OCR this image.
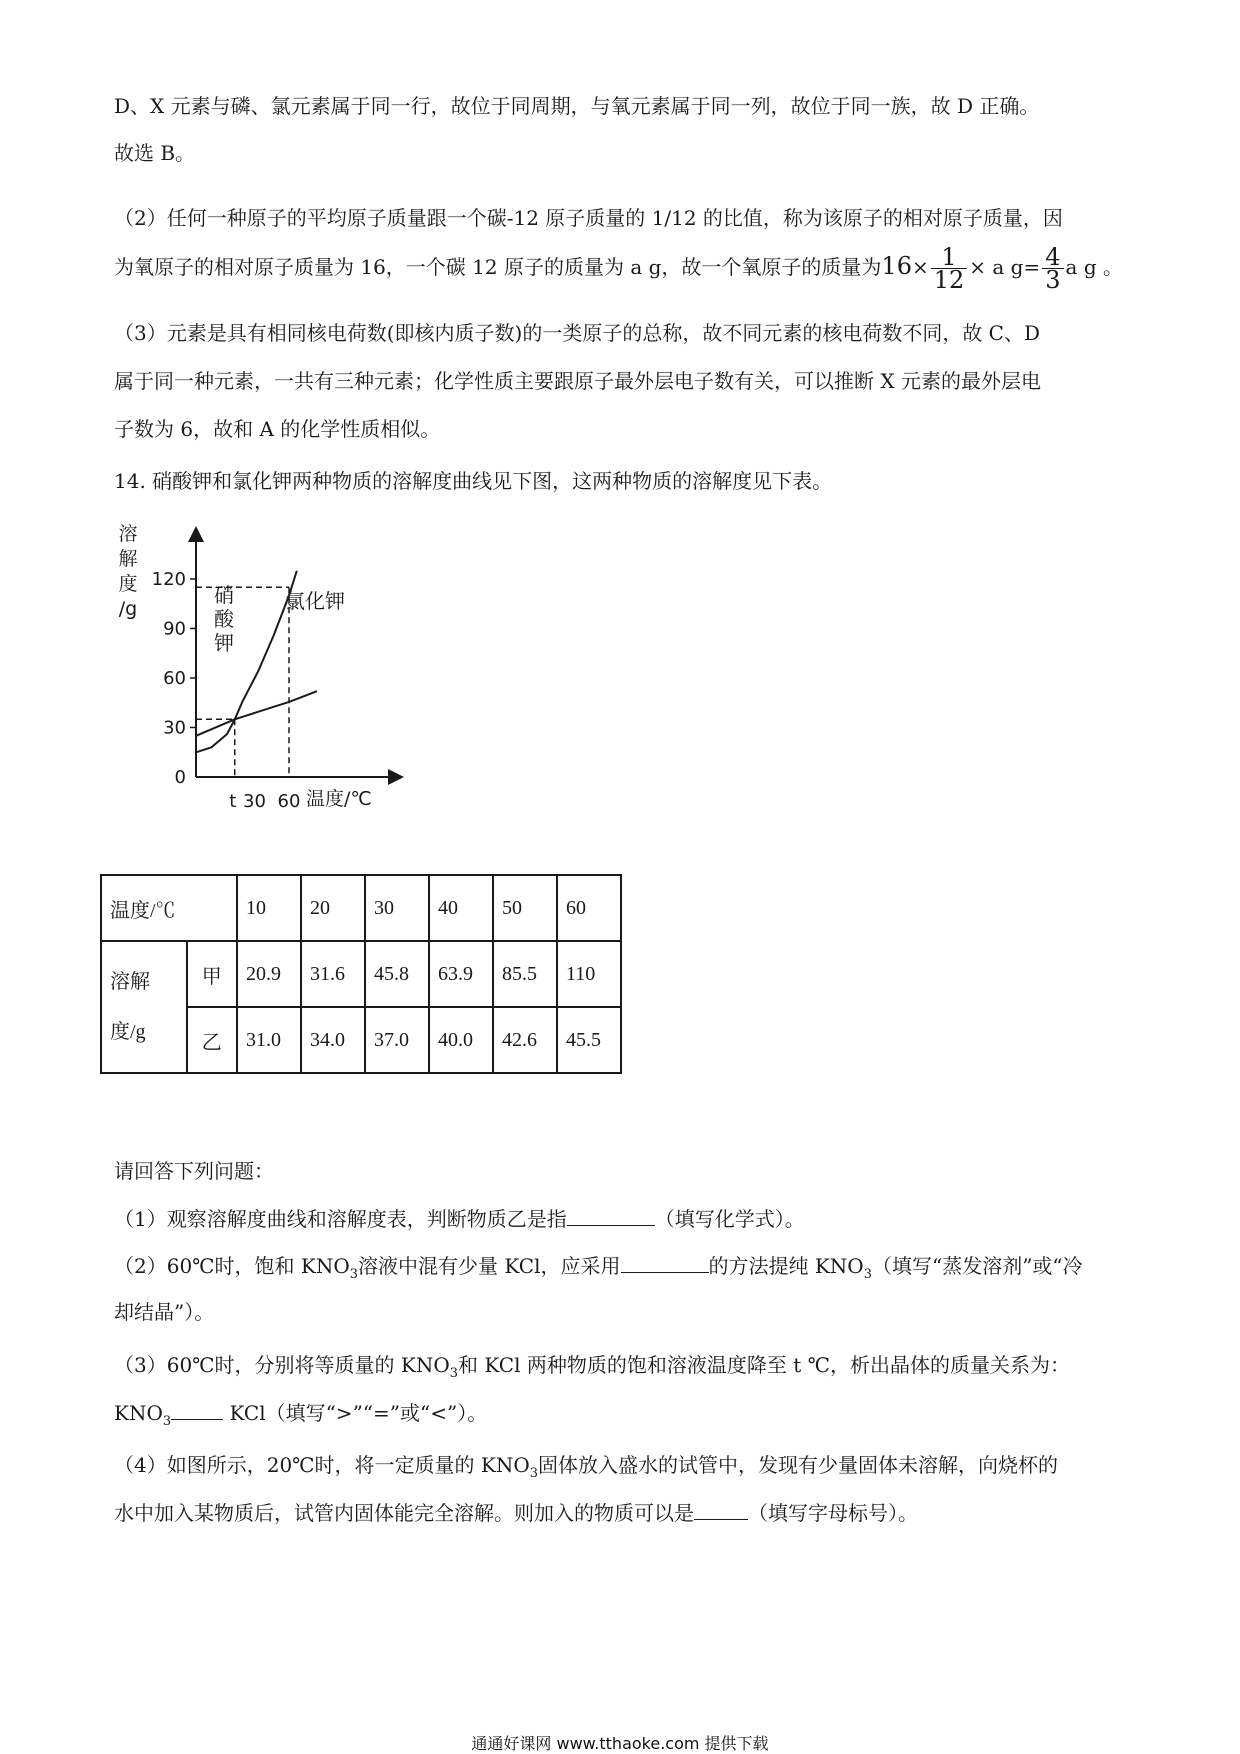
D、X 元素与磷、氯元素属于同一行，故位于同周期，与氧元素属于同一列，故位于同一族，故 D 正确。
故选 B。
（2）任何一种原子的平均原子质量跟一个碳-12 原子质量的 1/12 的比值，称为该原子的相对原子质量，因
为氧原子的相对原子质量为 16，一个碳 12 原子的质量为 a g，故一个氧原子的质量为$16\times \frac{1}{12} \times a$ $g= \frac{4}{3}$ a g 。
（3）元素是具有相同核电荷数(即核内质子数)的一类原子的总称，故不同元素的核电荷数不同，故 C、D
属于同一种元素，一共有三种元素；化学性质主要跟原子最外层电子数有关，可以推断 X 元素的最外层电
子数为 6，故和 A 的化学性质相似。
14. 硝酸钾和氯化钾两种物质的溶解度曲线见下图，这两种物质的溶解度见下表。
0
30
60
90
120
t 30 60
硝
酸
钾
氯化钾
溶
解
度
/g
温度/℃
温度/℃		10	20	30	40	50	60
溶解
度/g	甲	20.9	31.6	45.8	63.9	85.5	110
	乙	31.0	34.0	37.0	40.0	42.6	45.5
请回答下列问题：
（1）观察溶解度曲线和溶解度表，判断物质乙是指	（填写化学式）。
（2）60℃时，饱和 $KNO_3$溶液中混有少量 KCl，应采用	的方法提纯 $KNO_3$（填写“蒸发溶剂”或“冷
却结晶”）。
（3）60℃时，分别将等质量的 $KNO_3$和 KCl 两种物质的饱和溶液温度降至 t ℃，析出晶体的质量关系为：
$KNO_3$	KCl（填写“>”“=”或“<”）。
（4）如图所示，20℃时，将一定质量的 $KNO_3$固体放入盛水的试管中，发现有少量固体未溶解，向烧杯的
水中加入某物质后，试管内固体能完全溶解。则加入的物质可以是	（填写字母标号）。
通通好课网 www.tthaoke.com 提供下载
